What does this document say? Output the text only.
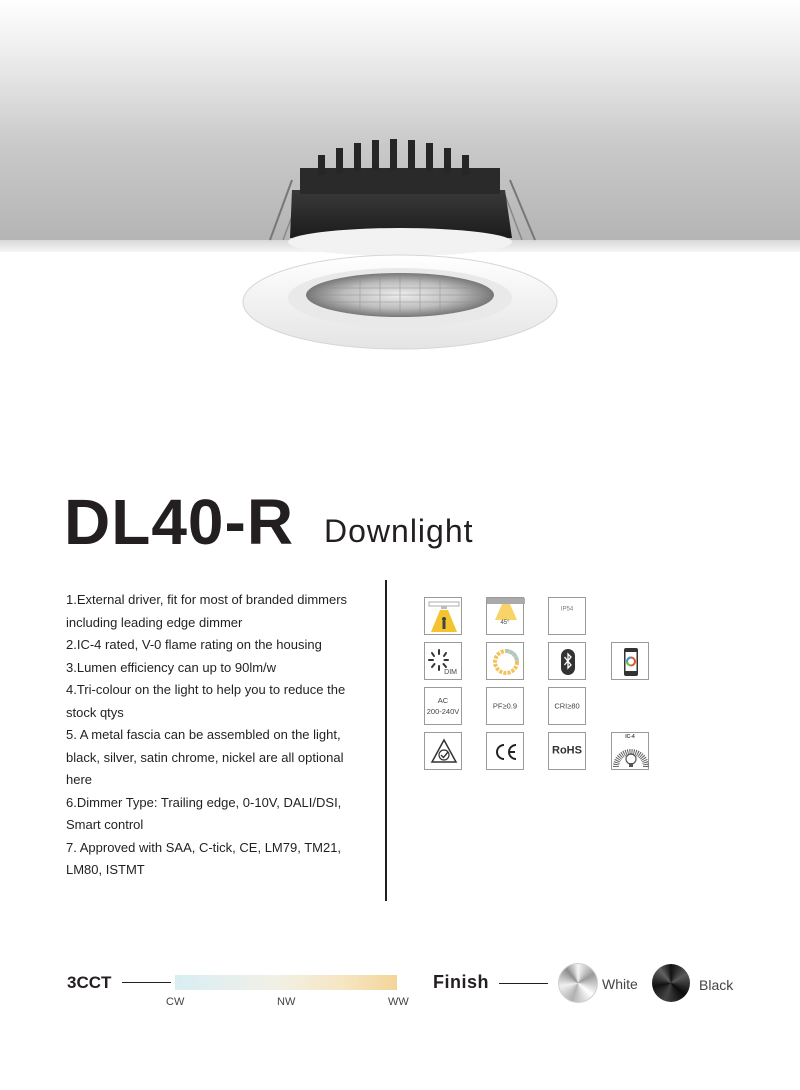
DL40-R Downlight

1.External driver, fit for most of branded dimmers including leading edge dimmer

2.IC-4 rated, V-0 flame rating on the housing

3.Lumen efficiency can up to 90lm/w

4.Tri-colour on the light to help you to reduce the stock qtys

5. A metal fascia can be assembled on the light, black, silver, satin chrome, nickel are all optional here

6.Dimmer Type: Trailing edge, 0-10V, DALI/DSI, Smart control

7. Approved with SAA, C-tick, CE, LM79, TM21, LM80, ISTMT

45°
IP54
DIM
AC
200-240V
PF≥0.9	CRI≥80
RoHS
IC-4
3CCT
CW	NW	WW
Finish	White	Black
